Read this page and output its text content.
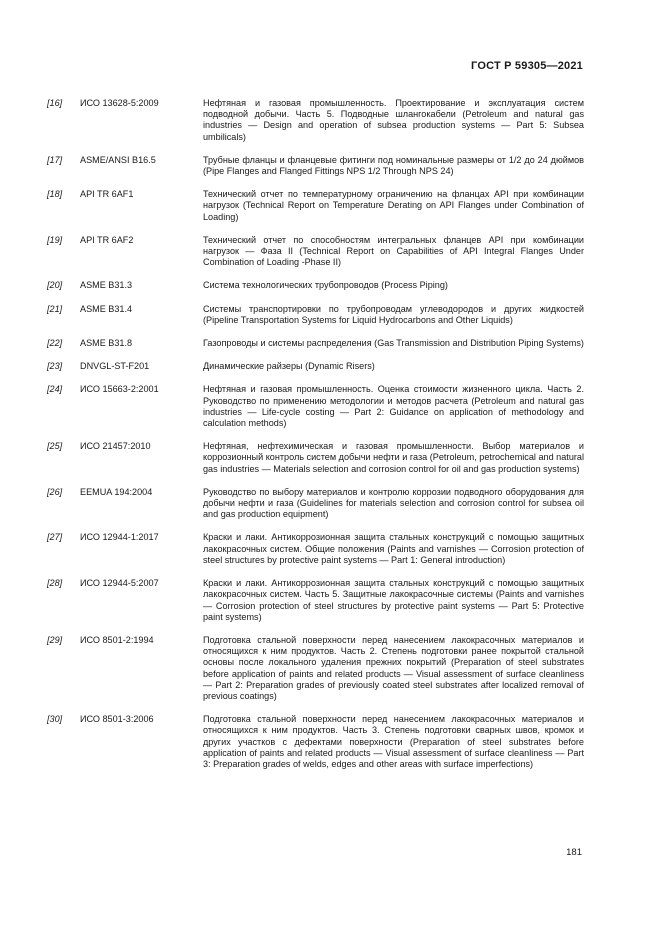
ГОСТ Р 59305—2021
[16]	ИСО 13628-5:2009	Нефтяная и газовая промышленность. Проектирование и эксплуатация систем подводной добычи. Часть 5. Подводные шлангокабели (Petroleum and natural gas industries — Design and operation of subsea production systems — Part 5: Subsea umbilicals)
[17]	ASME/ANSI B16.5	Трубные фланцы и фланцевые фитинги под номинальные размеры от 1/2 до 24 дюймов (Pipe Flanges and Flanged Fittings NPS 1/2 Through NPS 24)
[18]	API TR 6AF1	Технический отчет по температурному ограничению на фланцах API при комбинации нагрузок (Technical Report on Temperature Derating on API Flanges under Combination of Loading)
[19]	API TR 6AF2	Технический отчет по способностям интегральных фланцев API при комбинации нагрузок — Фаза II (Technical Report on Capabilities of API Integral Flanges Under Combination of Loading -Phase II)
[20]	ASME B31.3	Система технологических трубопроводов (Process Piping)
[21]	ASME B31.4	Системы транспортировки по трубопроводам углеводородов и других жидкостей (Pipeline Transportation Systems for Liquid Hydrocarbons and Other Liquids)
[22]	ASME B31.8	Газопроводы и системы распределения (Gas Transmission and Distribution Piping Systems)
[23]	DNVGL-ST-F201	Динамические райзеры (Dynamic Risers)
[24]	ИСО 15663-2:2001	Нефтяная и газовая промышленность. Оценка стоимости жизненного цикла. Часть 2. Руководство по применению методологии и методов расчета (Petroleum and natural gas industries — Life-cycle costing — Part 2: Guidance on application of methodology and calculation methods)
[25]	ИСО 21457:2010	Нефтяная, нефтехимическая и газовая промышленности. Выбор материалов и коррозионный контроль систем добычи нефти и газа (Petroleum, petrochemical and natural gas industries — Materials selection and corrosion control for oil and gas production systems)
[26]	EEMUA 194:2004	Руководство по выбору материалов и контролю коррозии подводного оборудования для добычи нефти и газа (Guidelines for materials selection and corrosion control for subsea oil and gas production equipment)
[27]	ИСО 12944-1:2017	Краски и лаки. Антикоррозионная защита стальных конструкций с помощью защитных лакокрасочных систем. Общие положения (Paints and varnishes — Corrosion protection of steel structures by protective paint systems — Part 1: General introduction)
[28]	ИСО 12944-5:2007	Краски и лаки. Антикоррозионная защита стальных конструкций с помощью защитных лакокрасочных систем. Часть 5. Защитные лакокрасочные системы (Paints and varnishes — Corrosion protection of steel structures by protective paint systems — Part 5: Protective paint systems)
[29]	ИСО 8501-2:1994	Подготовка стальной поверхности перед нанесением лакокрасочных материалов и относящихся к ним продуктов. Часть 2. Степень подготовки ранее покрытой стальной основы после локального удаления прежних покрытий (Preparation of steel substrates before application of paints and related products — Visual assessment of surface cleanliness — Part 2: Preparation grades of previously coated steel substrates after localized removal of previous coatings)
[30]	ИСО 8501-3:2006	Подготовка стальной поверхности перед нанесением лакокрасочных материалов и относящихся к ним продуктов. Часть 3. Степень подготовки сварных швов, кромок и других участков с дефектами поверхности (Preparation of steel substrates before application of paints and related products — Visual assessment of surface cleanliness — Part 3: Preparation grades of welds, edges and other areas with surface imperfections)
181
